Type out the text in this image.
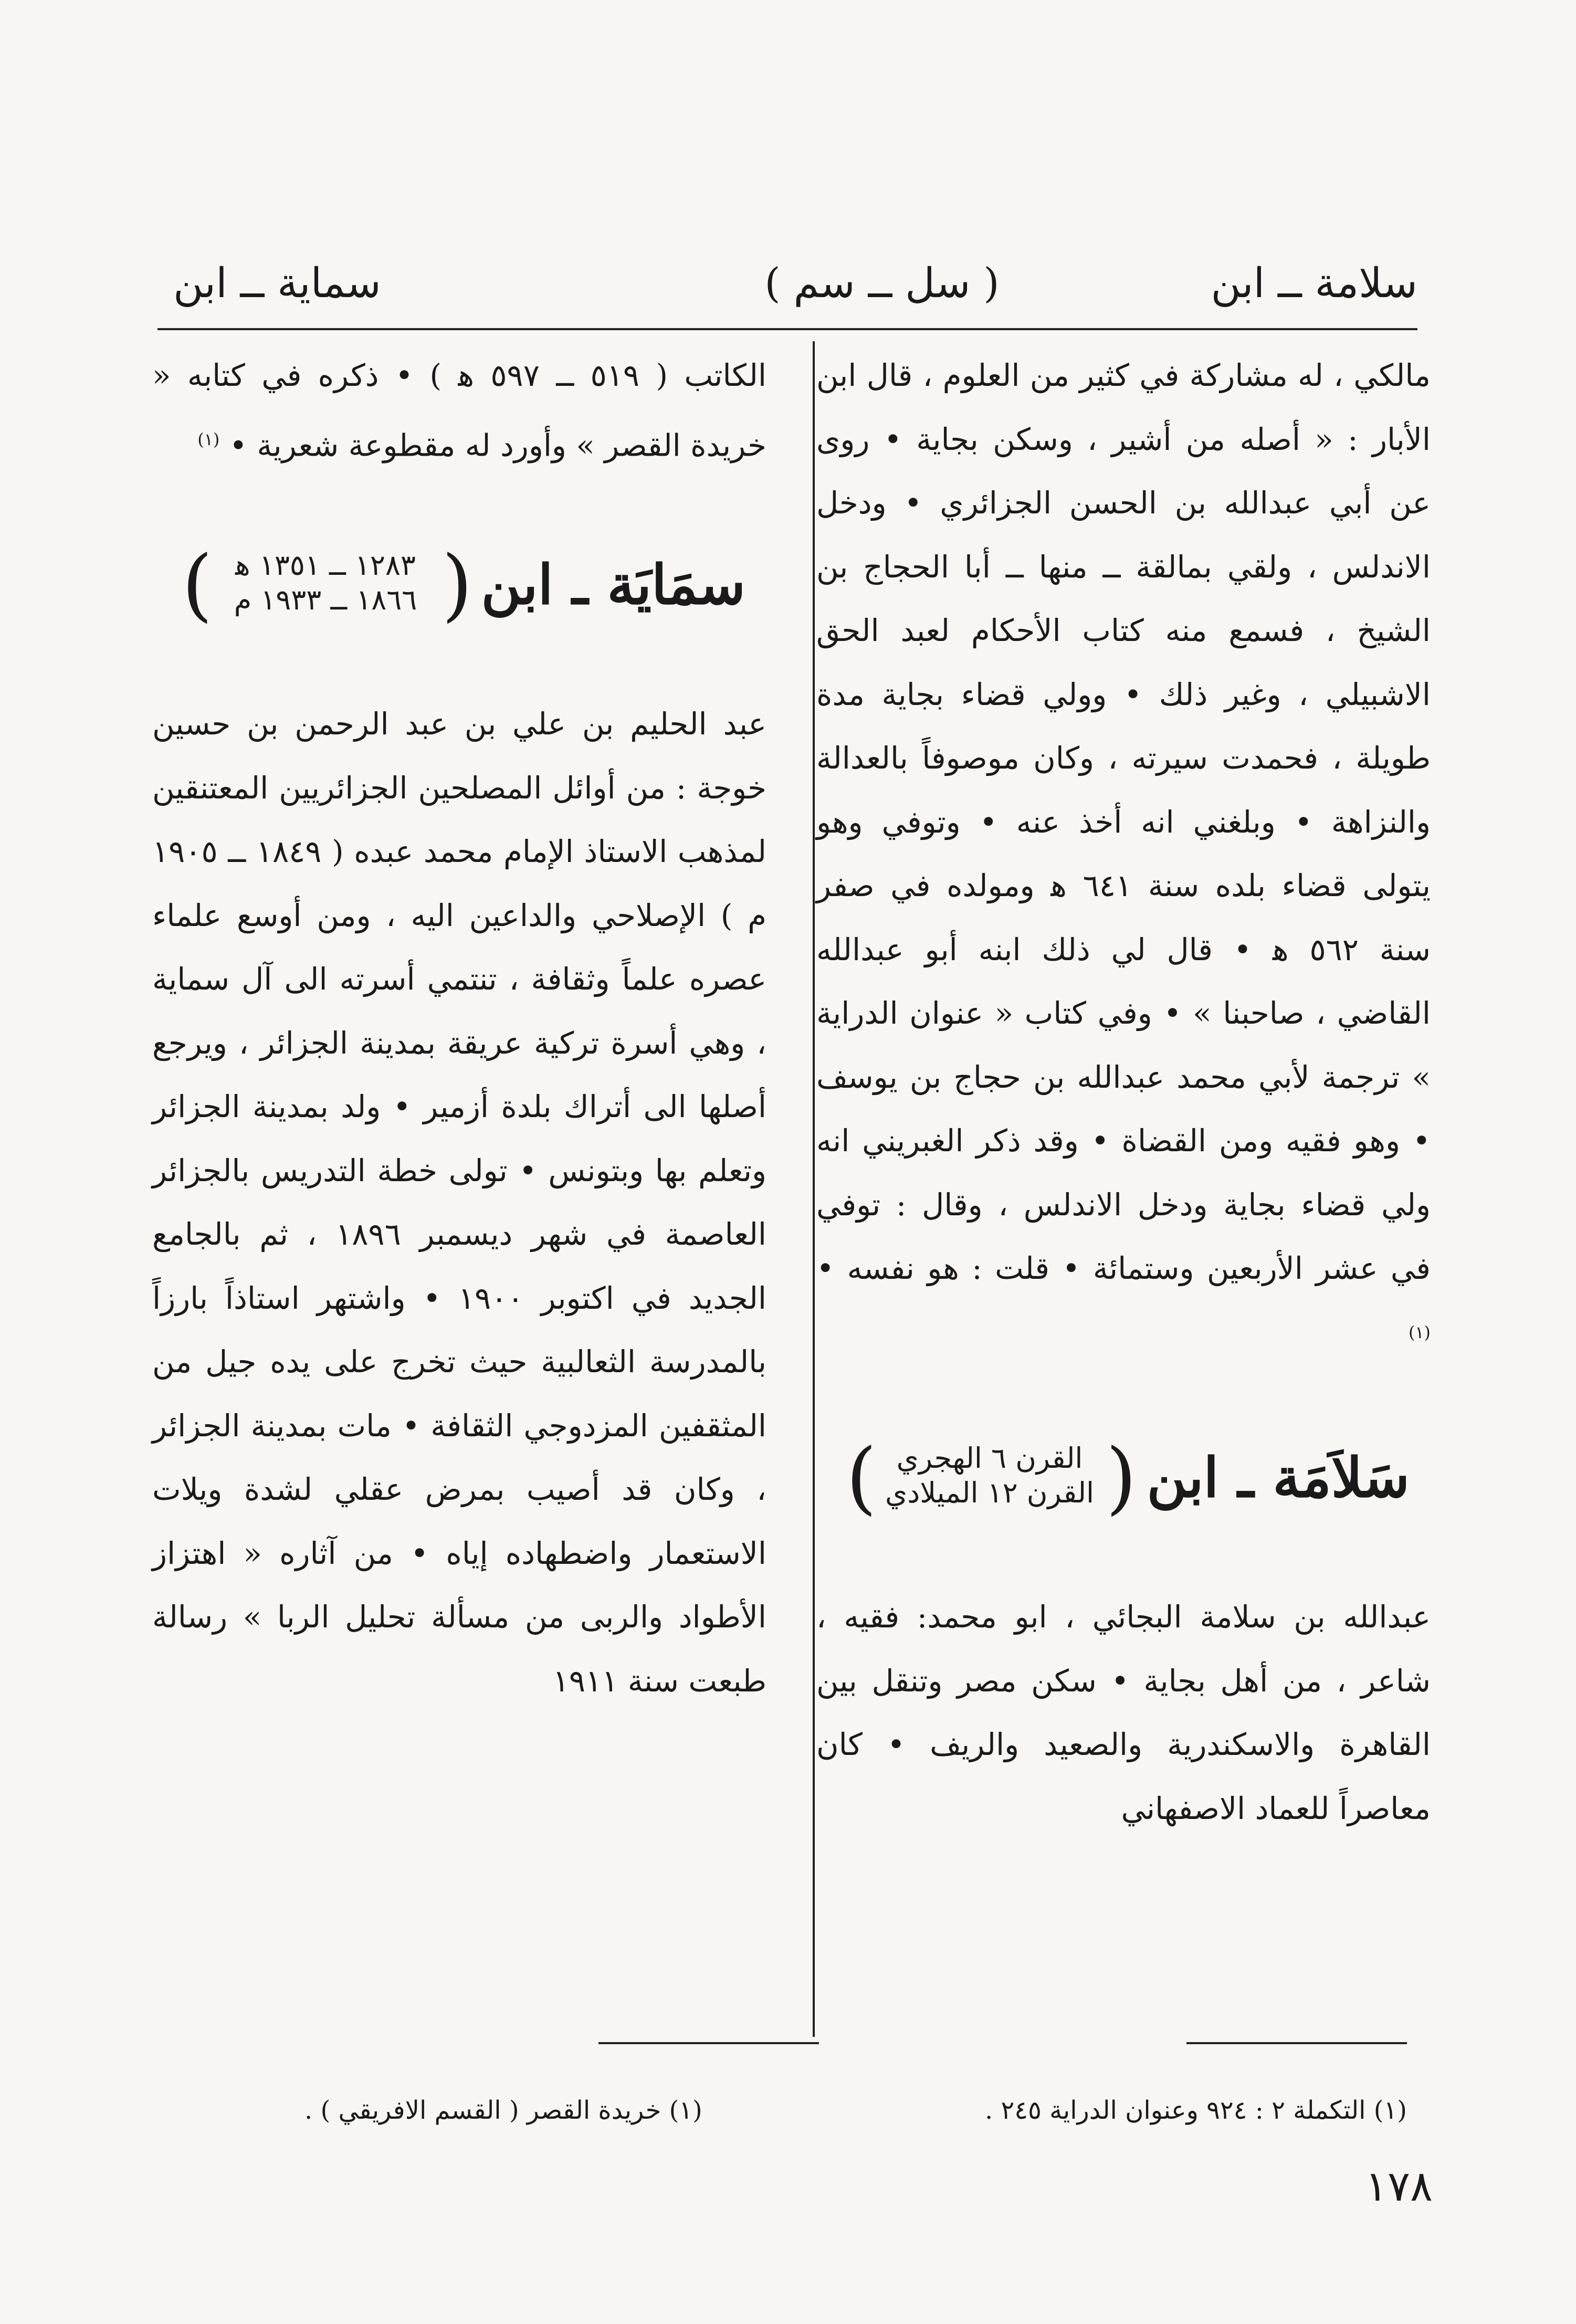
سلامة ــ ابن
( سل ــ سم )
سماية ــ ابن

مالكي ، له مشاركة في كثير من العلوم ، قال ابن الأبار : « أصله من أشير ، وسكن بجاية • روى عن أبي عبدالله بن الحسن الجزائري • ودخل الاندلس ، ولقي بمالقة ــ منها ــ أبا الحجاج بن الشيخ ، فسمع منه كتاب الأحكام لعبد الحق الاشبيلي ، وغير ذلك • وولي قضاء بجاية مدة طويلة ، فحمدت سيرته ، وكان موصوفاً بالعدالة والنزاهة • وبلغني انه أخذ عنه • وتوفي وهو يتولى قضاء بلده سنة ٦٤١ ﻫ ومولده في صفر سنة ٥٦٢ ﻫ • قال لي ذلك ابنه أبو عبدالله القاضي ، صاحبنا » • وفي كتاب « عنوان الدراية » ترجمة لأبي محمد عبدالله بن حجاج بن يوسف • وهو فقيه ومن القضاة • وقد ذكر الغبريني انه ولي قضاء بجاية ودخل الاندلس ، وقال : توفي في عشر الأربعين وستمائة • قلت : هو نفسه • $^{(١)}$

سَلاَمَة ـ ابن
(
القرن ٦ الهجري
القرن ١٢ الميلادي
)

عبدالله بن سلامة البجائي ، ابو محمد: فقيه ، شاعر ، من أهل بجاية • سكن مصر وتنقل بين القاهرة والاسكندرية والصعيد والريف • كان معاصراً للعماد الاصفهاني

الكاتب ( ٥١٩ ــ ٥٩٧ ﻫ ) • ذكره في كتابه « خريدة القصر » وأورد له مقطوعة شعرية • $^{(١)}$

سمَايَة ـ ابن
(
١٢٨٣ ــ ١٣٥١ ﻫ
١٨٦٦ ــ ١٩٣٣ م
)

عبد الحليم بن علي بن عبد الرحمن بن حسين خوجة : من أوائل المصلحين الجزائريين المعتنقين لمذهب الاستاذ الإمام محمد عبده ( ١٨٤٩ ــ ١٩٠٥ م ) الإصلاحي والداعين اليه ، ومن أوسع علماء عصره علماً وثقافة ، تنتمي أسرته الى آل سماية ، وهي أسرة تركية عريقة بمدينة الجزائر ، ويرجع أصلها الى أتراك بلدة أزمير • ولد بمدينة الجزائر وتعلم بها وبتونس • تولى خطة التدريس بالجزائر العاصمة في شهر ديسمبر ١٨٩٦ ، ثم بالجامع الجديد في اكتوبر ١٩٠٠ • واشتهر استاذاً بارزاً بالمدرسة الثعالبية حيث تخرج على يده جيل من المثقفين المزدوجي الثقافة • مات بمدينة الجزائر ، وكان قد أصيب بمرض عقلي لشدة ويلات الاستعمار واضطهاده إياه • من آثاره « اهتزاز الأطواد والربى من مسألة تحليل الربا » رسالة طبعت سنة ١٩١١

(١) التكملة ٢ : ٩٢٤ وعنوان الدراية ٢٤٥ .
(١) خريدة القصر ( القسم الافريقي ) .
١٧٨
